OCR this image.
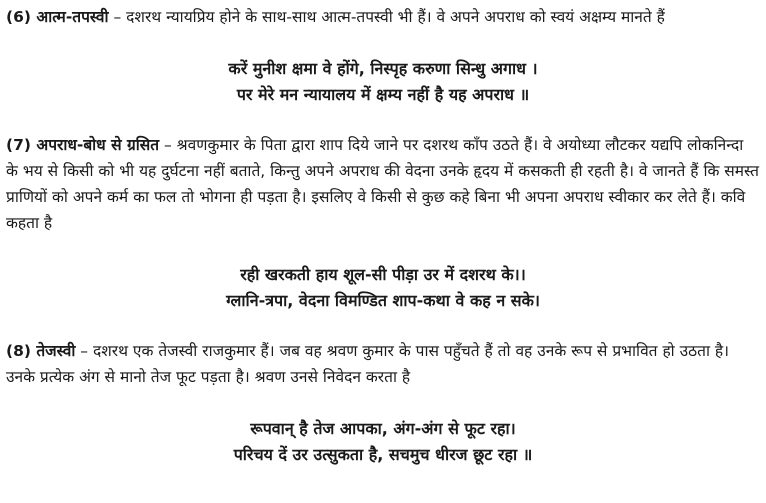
(6) आत्म-तपस्वी – दशरथ न्यायप्रिय होने के साथ-साथ आत्म-तपस्वी भी हैं। वे अपने अपराध को स्वयं अक्षम्य मानते हैं

करें मुनीश क्षमा वे होंगे, निस्पृह करुणा सिन्धु अगाध ।
पर मेरे मन न्यायालय में क्षम्य नहीं है यह अपराध ॥

(7) अपराध-बोध से ग्रसित – श्रवणकुमार के पिता द्वारा शाप दिये जाने पर दशरथ काँप उठते हैं। वे अयोध्या लौटकर यद्यपि लोकनिन्दा के भय से किसी को भी यह दुर्घटना नहीं बताते, किन्तु अपने अपराध की वेदना उनके हृदय में कसकती ही रहती है। वे जानते हैं कि समस्त प्राणियों को अपने कर्म का फल तो भोगना ही पड़ता है। इसलिए वे किसी से कुछ कहे बिना भी अपना अपराध स्वीकार कर लेते हैं। कवि कहता है

रही खरकती हाय शूल-सी पीड़ा उर में दशरथ के।।
ग्लानि-त्रपा, वेदना विमण्डित शाप-कथा वे कह न सके।

(8) तेजस्वी – दशरथ एक तेजस्वी राजकुमार हैं। जब वह श्रवण कुमार के पास पहुँचते हैं तो वह उनके रूप से प्रभावित हो उठता है। उनके प्रत्येक अंग से मानो तेज फूट पड़ता है। श्रवण उनसे निवेदन करता है

रूपवान् है तेज आपका, अंग-अंग से फूट रहा।
परिचय दें उर उत्सुकता है, सचमुच धीरज छूट रहा ॥
